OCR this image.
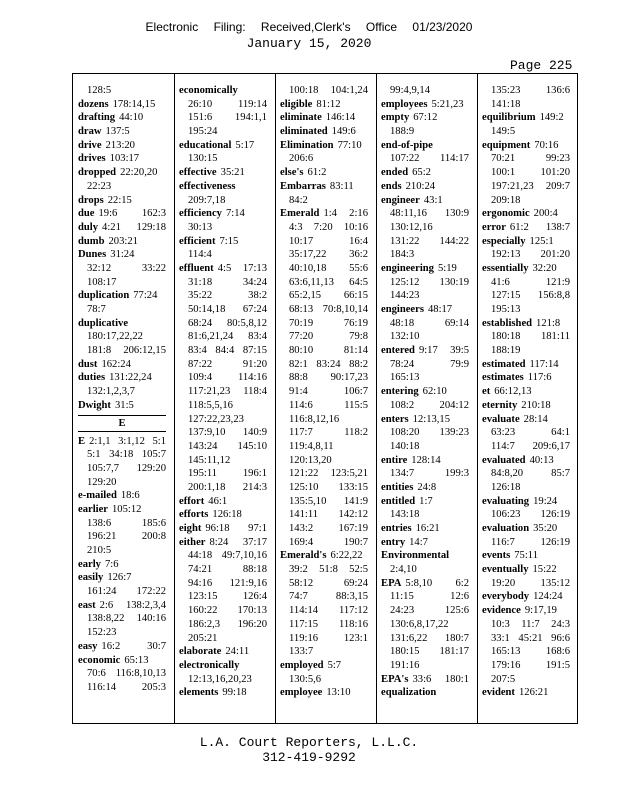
Electronic Filing: Received,Clerk's Office 01/23/2020
January 15, 2020
Page 225
128:5
dozens 178:14,15
drafting 44:10
draw 137:5
drive 213:20
drives 103:17
dropped 22:20,20
22:23
drops 22:15
due 19:6 162:3
duly 4:21 129:18
dumb 203:21
Dunes 31:24
32:12 33:22
108:17
duplication 77:24
78:7
duplicative
180:17,22,22
181:8 206:12,15
dust 162:24
duties 131:22,24
132:1,2,3,7
Dwight 31:5
E
E 2:1,1 3:1,12 5:1
5:1 34:18 105:7
105:7,7 129:20
129:20
e-mailed 18:6
earlier 105:12
138:6 185:6
196:21 200:8
210:5
early 7:6
easily 126:7
161:24 172:22
east 2:6 138:2,3,4
138:8,22 140:16
152:23
easy 16:2 30:7
economic 65:13
70:6 116:8,10,13
116:14 205:3
economically
26:10 119:14
151:6 194:1,1
195:24
educational 5:17
130:15
effective 35:21
effectiveness
209:7,18
efficiency 7:14
30:13
efficient 7:15
114:4
effluent 4:5 17:13
31:18 34:24
35:22 38:2
50:14,18 67:24
68:24 80:5,8,12
81:6,21,24 83:4
83:4 84:4 87:15
87:22 91:20
109:4 114:16
117:21,23 118:4
118:5,5,16
127:22,23,23
137:9,10 140:9
143:24 145:10
145:11,12
195:11 196:1
200:1,18 214:3
effort 46:1
efforts 126:18
eight 96:18 97:1
either 8:24 37:17
44:18 49:7,10,16
74:21 88:18
94:16 121:9,16
123:15 126:4
160:22 170:13
186:2,3 196:20
205:21
elaborate 24:11
electronically
12:13,16,20,23
elements 99:18
100:18 104:1,24
eligible 81:12
eliminate 146:14
eliminated 149:6
Elimination 77:10
206:6
else's 61:2
Embarras 83:11
84:2
Emerald 1:4 2:16
4:3 7:20 10:16
10:17 16:4
35:17,22 36:2
40:10,18 55:6
63:6,11,13 64:5
65:2,15 66:15
68:13 70:8,10,14
70:19 76:19
77:20 79:8
80:10 81:14
82:1 83:24 88:2
88:8 90:17,23
91:4 106:7
114:6 115:5
116:8,12,16
117:7 118:2
119:4,8,11
120:13,20
121:22 123:5,21
125:10 133:15
135:5,10 141:9
141:11 142:12
143:2 167:19
169:4 190:7
Emerald's 6:22,22
39:2 51:8 52:5
58:12 69:24
74:7 88:3,15
114:14 117:12
117:15 118:16
119:16 123:1
133:7
employed 5:7
130:5,6
employee 13:10
99:4,9,14
employees 5:21,23
empty 67:12
188:9
end-of-pipe
107:22 114:17
ended 65:2
ends 210:24
engineer 43:1
48:11,16 130:9
130:12,16
131:22 144:22
184:3
engineering 5:19
125:12 130:19
144:23
engineers 48:17
48:18 69:14
132:10
entered 9:17 39:5
78:24 79:9
165:13
entering 62:10
108:2 204:12
enters 12:13,15
108:20 139:23
140:18
entire 128:14
134:7 199:3
entities 24:8
entitled 1:7
143:18
entries 16:21
entry 14:7
Environmental
2:4,10
EPA 5:8,10 6:2
11:15 12:6
24:23 125:6
130:6,8,17,22
131:6,22 180:7
180:15 181:17
191:16
EPA's 33:6 180:1
equalization
135:23 136:6
141:18
equilibrium 149:2
149:5
equipment 70:16
70:21 99:23
100:1 101:20
197:21,23 209:7
209:18
ergonomic 200:4
error 61:2 138:7
especially 125:1
192:13 201:20
essentially 32:20
41:6 121:9
127:15 156:8,8
195:13
established 121:8
180:18 181:11
188:19
estimated 117:14
estimates 117:6
et 66:12,13
eternity 210:18
evaluate 28:14
63:23 64:1
114:7 209:6,17
evaluated 40:13
84:8,20 85:7
126:18
evaluating 19:24
106:23 126:19
evaluation 35:20
116:7 126:19
events 75:11
eventually 15:22
19:20 135:12
everybody 124:24
evidence 9:17,19
10:3 11:7 24:3
33:1 45:21 96:6
165:13 168:6
179:16 191:5
207:5
evident 126:21
L.A. Court Reporters, L.L.C.
312-419-9292
